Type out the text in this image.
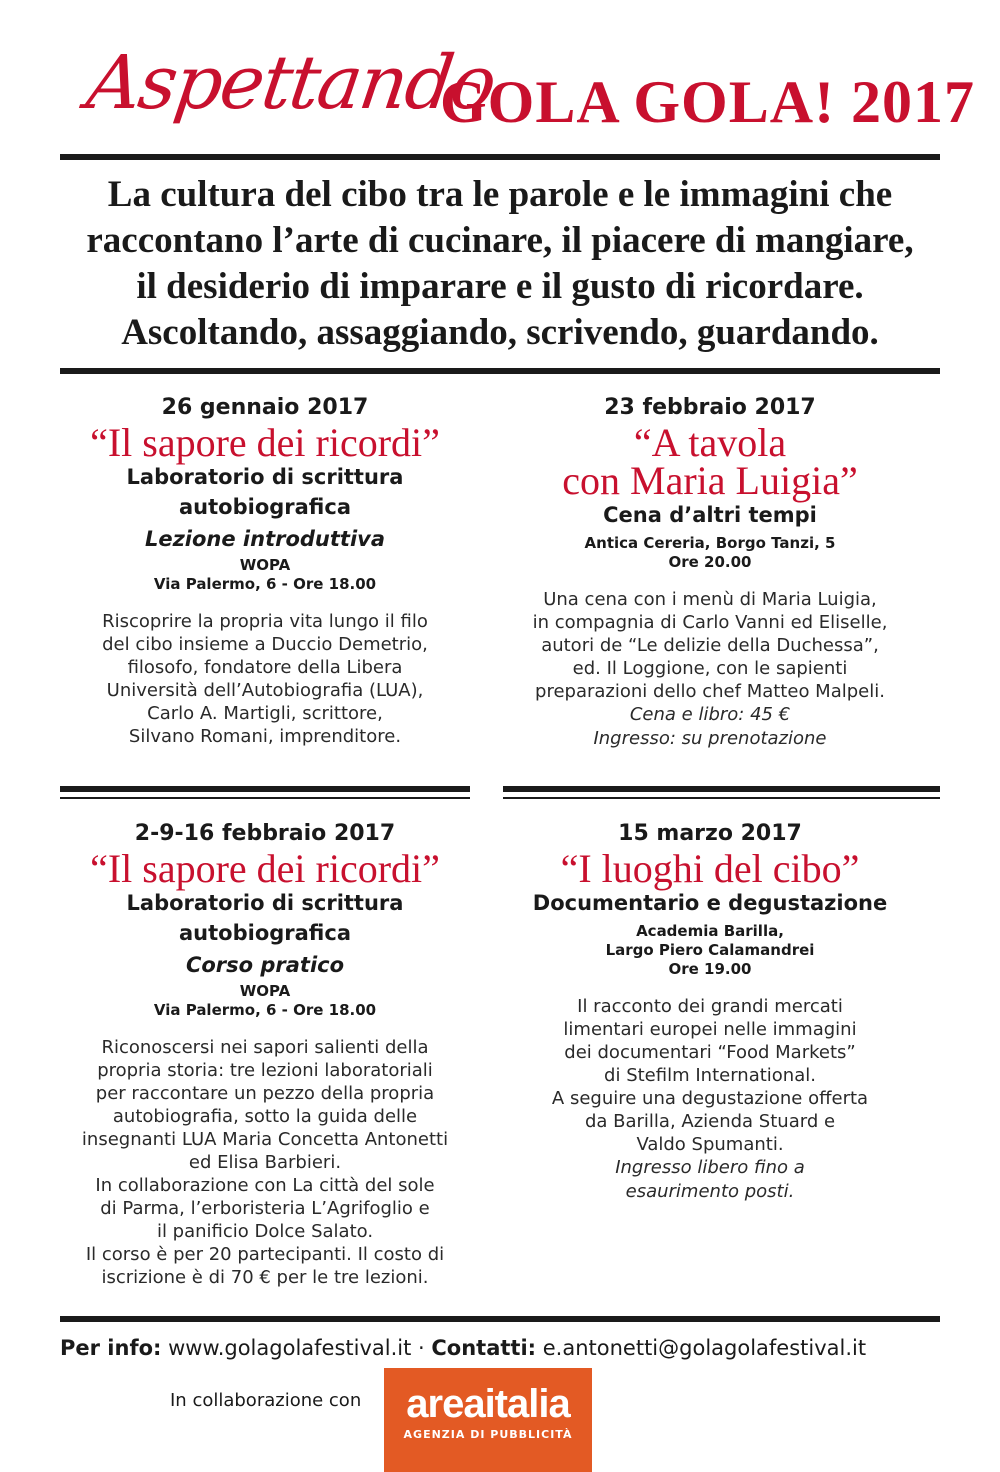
Aspettando
GOLA GOLA! 2017
La cultura del cibo tra le parole e le immagini che
raccontano l’arte di cucinare, il piacere di mangiare,
il desiderio di imparare e il gusto di ricordare.
Ascoltando, assaggiando, scrivendo, guardando.
26 gennaio 2017
“Il sapore dei ricordi”
Laboratorio di scrittura
autobiografica
Lezione introduttiva
WOPA
Via Palermo, 6 - Ore 18.00
Riscoprire la propria vita lungo il filo
del cibo insieme a Duccio Demetrio,
filosofo, fondatore della Libera
Università dell’Autobiografia (LUA),
Carlo A. Martigli, scrittore,
Silvano Romani, imprenditore.
23 febbraio 2017
“A tavola
con Maria Luigia”
Cena d’altri tempi
Antica Cereria, Borgo Tanzi, 5
Ore 20.00
Una cena con i menù di Maria Luigia,
in compagnia di Carlo Vanni ed Eliselle,
autori de “Le delizie della Duchessa”,
ed. Il Loggione, con le sapienti
preparazioni dello chef Matteo Malpeli.
Cena e libro: 45 €
Ingresso: su prenotazione
2-9-16 febbraio 2017
“Il sapore dei ricordi”
Laboratorio di scrittura
autobiografica
Corso pratico
WOPA
Via Palermo, 6 - Ore 18.00
Riconoscersi nei sapori salienti della
propria storia: tre lezioni laboratoriali
per raccontare un pezzo della propria
autobiografia, sotto la guida delle
insegnanti LUA Maria Concetta Antonetti
ed Elisa Barbieri.
In collaborazione con La città del sole
di Parma, l’erboristeria L’Agrifoglio e
il panificio Dolce Salato.
Il corso è per 20 partecipanti. Il costo di
iscrizione è di 70 € per le tre lezioni.
15 marzo 2017
“I luoghi del cibo”
Documentario e degustazione
Academia Barilla,
Largo Piero Calamandrei
Ore 19.00
Il racconto dei grandi mercati
limentari europei nelle immagini
dei documentari “Food Markets”
di Stefilm International.
A seguire una degustazione offerta
da Barilla, Azienda Stuard e
Valdo Spumanti.
Ingresso libero fino a
esaurimento posti.
Per info: www.golagolafestival.it · Contatti: e.antonetti@golagolafestival.it
In collaborazione con	areaitalia
AGENZIA DI PUBBLICITÀ
